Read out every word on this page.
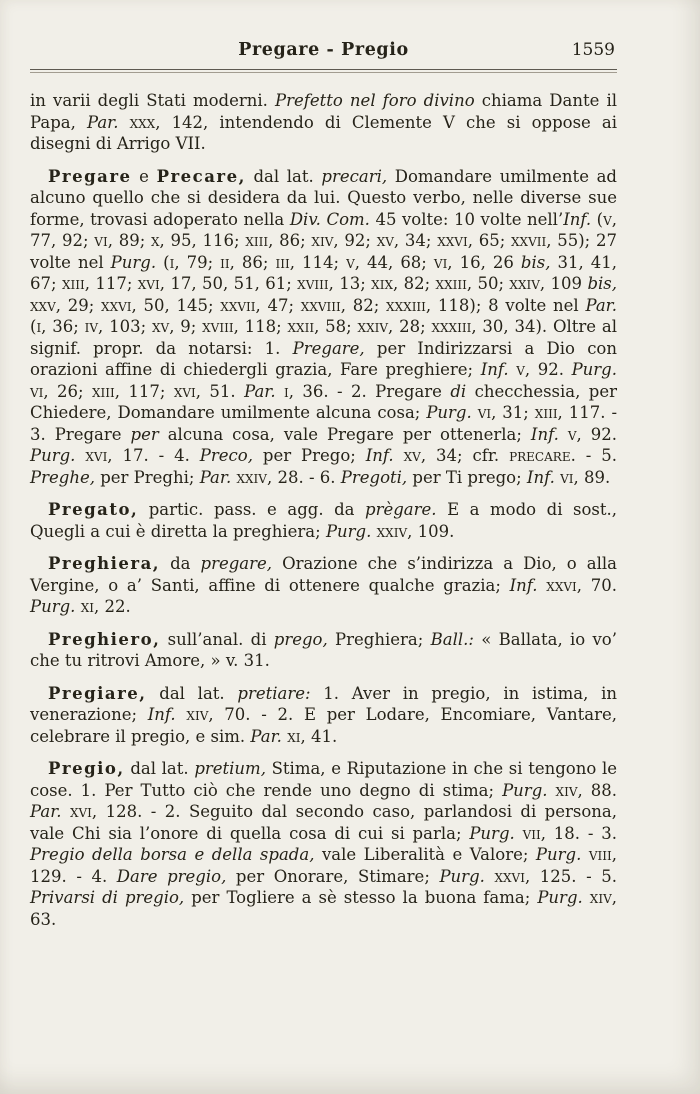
Pregare - Pregio	1559

in varii degli Stati moderni. Prefetto nel foro divino chiama Dante il Papa, Par. xxx, 142, intendendo di Clemente V che si oppose ai disegni di Arrigo VII.

Pregare e Precare, dal lat. precari, Domandare umilmente ad alcuno quello che si desidera da lui. Questo verbo, nelle diverse sue forme, trovasi adoperato nella Div. Com. 45 volte: 10 volte nell’Inf. (v, 77, 92; vi, 89; x, 95, 116; xiii, 86; xiv, 92; xv, 34; xxvi, 65; xxvii, 55); 27 volte nel Purg. (i, 79; ii, 86; iii, 114; v, 44, 68; vi, 16, 26 bis, 31, 41, 67; xiii, 117; xvi, 17, 50, 51, 61; xviii, 13; xix, 82; xxiii, 50; xxiv, 109 bis, xxv, 29; xxvi, 50, 145; xxvii, 47; xxviii, 82; xxxiii, 118); 8 volte nel Par. (i, 36; iv, 103; xv, 9; xviii, 118; xxii, 58; xxiv, 28; xxxiii, 30, 34). Oltre al signif. propr. da notarsi: 1. Pregare, per Indirizzarsi a Dio con orazioni affine di chiedergli grazia, Fare preghiere; Inf. v, 92. Purg. vi, 26; xiii, 117; xvi, 51. Par. i, 36. - 2. Pregare di checchessia, per Chiedere, Domandare umilmente alcuna cosa; Purg. vi, 31; xiii, 117. - 3. Pregare per alcuna cosa, vale Pregare per ottenerla; Inf. v, 92. Purg. xvi, 17. - 4. Preco, per Prego; Inf. xv, 34; cfr. precare. - 5. Preghe, per Preghi; Par. xxiv, 28. - 6. Pregoti, per Ti prego; Inf. vi, 89.

Pregato, partic. pass. e agg. da prègare. E a modo di sost., Quegli a cui è diretta la preghiera; Purg. xxiv, 109.

Preghiera, da pregare, Orazione che s’indirizza a Dio, o alla Vergine, o a’ Santi, affine di ottenere qualche grazia; Inf. xxvi, 70. Purg. xi, 22.

Preghiero, sull’anal. di prego, Preghiera; Ball.: « Ballata, io vo’ che tu ritrovi Amore, » v. 31.

Pregiare, dal lat. pretiare: 1. Aver in pregio, in istima, in venerazione; Inf. xiv, 70. - 2. E per Lodare, Encomiare, Vantare, celebrare il pregio, e sim. Par. xi, 41.

Pregio, dal lat. pretium, Stima, e Riputazione in che si tengono le cose. 1. Per Tutto ciò che rende uno degno di stima; Purg. xiv, 88. Par. xvi, 128. - 2. Seguito dal secondo caso, parlandosi di persona, vale Chi sia l’onore di quella cosa di cui si parla; Purg. vii, 18. - 3. Pregio della borsa e della spada, vale Liberalità e Valore; Purg. viii, 129. - 4. Dare pregio, per Onorare, Stimare; Purg. xxvi, 125. - 5. Privarsi di pregio, per Togliere a sè stesso la buona fama; Purg. xiv, 63.
